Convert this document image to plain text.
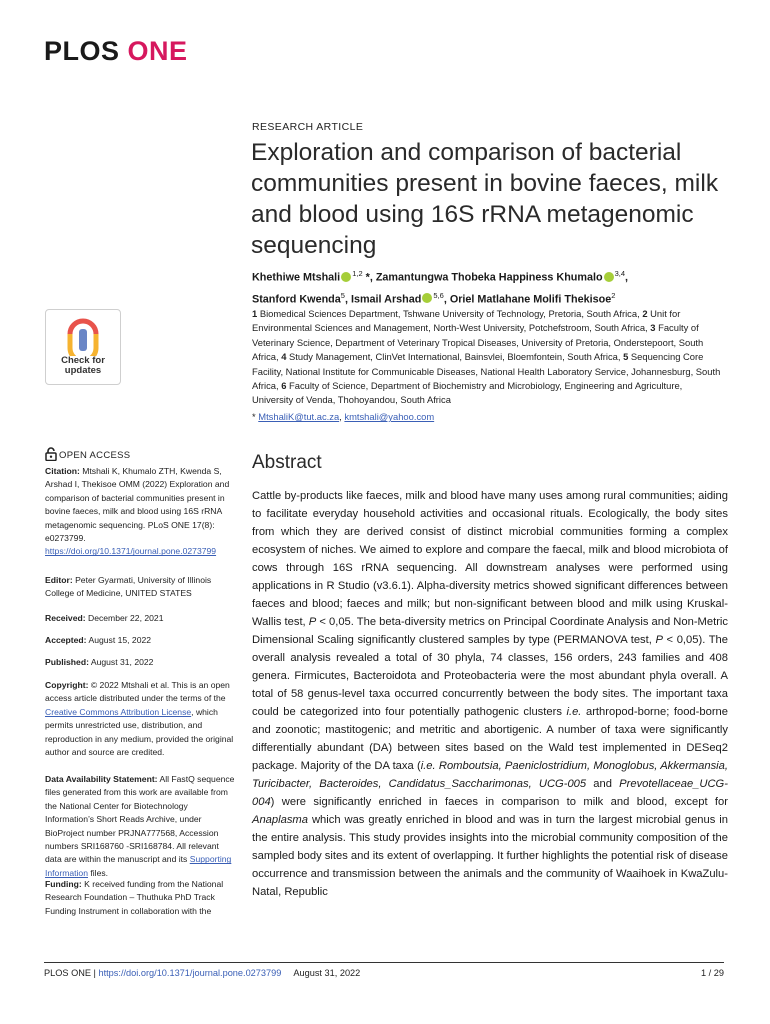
PLOS ONE
RESEARCH ARTICLE
Exploration and comparison of bacterial communities present in bovine faeces, milk and blood using 16S rRNA metagenomic sequencing
Khethiwe Mtshali $^{1,2}$ *, Zamantungwa Thobeka Happiness Khumalo $^{3,4}$,
Stanford Kwenda$^5$, Ismail Arshad $^{5,6}$, Oriel Matlahane Molifi Thekisoe$^2$
1 Biomedical Sciences Department, Tshwane University of Technology, Pretoria, South Africa, 2 Unit for Environmental Sciences and Management, North-West University, Potchefstroom, South Africa, 3 Faculty of Veterinary Science, Department of Veterinary Tropical Diseases, University of Pretoria, Onderstepoort, South Africa, 4 Study Management, ClinVet International, Bainsvlei, Bloemfontein, South Africa, 5 Sequencing Core Facility, National Institute for Communicable Diseases, National Health Laboratory Service, Johannesburg, South Africa, 6 Faculty of Science, Department of Biochemistry and Microbiology, Engineering and Agriculture, University of Venda, Thohoyandou, South Africa
* MtshaliK@tut.ac.za, kmtshali@yahoo.com
Check for
updates
OPEN ACCESS
Citation: Mtshali K, Khumalo ZTH, Kwenda S, Arshad I, Thekisoe OMM (2022) Exploration and comparison of bacterial communities present in bovine faeces, milk and blood using 16S rRNA metagenomic sequencing. PLoS ONE 17(8): e0273799. https://doi.org/10.1371/journal.pone.0273799
Editor: Peter Gyarmati, University of Illinois College of Medicine, UNITED STATES
Received: December 22, 2021
Accepted: August 15, 2022
Published: August 31, 2022
Copyright: © 2022 Mtshali et al. This is an open access article distributed under the terms of the Creative Commons Attribution License, which permits unrestricted use, distribution, and reproduction in any medium, provided the original author and source are credited.
Data Availability Statement: All FastQ sequence files generated from this work are available from the National Center for Biotechnology Information’s Short Reads Archive, under BioProject number PRJNA777568, Accession numbers SRI168760 -SRI168784. All relevant data are within the manuscript and its Supporting Information files.
Funding: K received funding from the National Research Foundation – Thuthuka PhD Track Funding Instrument in collaboration with the
Abstract
Cattle by-products like faeces, milk and blood have many uses among rural communities; aiding to facilitate everyday household activities and occasional rituals. Ecologically, the body sites from which they are derived consist of distinct microbial communities forming a complex ecosystem of niches. We aimed to explore and compare the faecal, milk and blood microbiota of cows through 16S rRNA sequencing. All downstream analyses were performed using applications in R Studio (v3.6.1). Alpha-diversity metrics showed significant differences between faeces and blood; faeces and milk; but non-significant between blood and milk using Kruskal-Wallis test, P < 0,05. The beta-diversity metrics on Principal Coordinate Analysis and Non-Metric Dimensional Scaling significantly clustered samples by type (PERMANOVA test, P < 0,05). The overall analysis revealed a total of 30 phyla, 74 classes, 156 orders, 243 families and 408 genera. Firmicutes, Bacteroidota and Proteobacteria were the most abundant phyla overall. A total of 58 genus-level taxa occurred concurrently between the body sites. The important taxa could be categorized into four potentially pathogenic clusters i.e. arthropod-borne; food-borne and zoonotic; mastitogenic; and metritic and abortigenic. A number of taxa were significantly differentially abundant (DA) between sites based on the Wald test implemented in DESeq2 package. Majority of the DA taxa (i.e. Romboutsia, Paeniclostridium, Monoglobus, Akkermansia, Turicibacter, Bacteroides, Candidatus_Saccharimonas, UCG-005 and Prevotellaceae_UCG-004) were significantly enriched in faeces in comparison to milk and blood, except for Anaplasma which was greatly enriched in blood and was in turn the largest microbial genus in the entire analysis. This study provides insights into the microbial community composition of the sampled body sites and its extent of overlapping. It further highlights the potential risk of disease occurrence and transmission between the animals and the community of Waaihoek in KwaZulu-Natal, Republic
PLOS ONE | https://doi.org/10.1371/journal.pone.0273799 August 31, 2022	1 / 29
